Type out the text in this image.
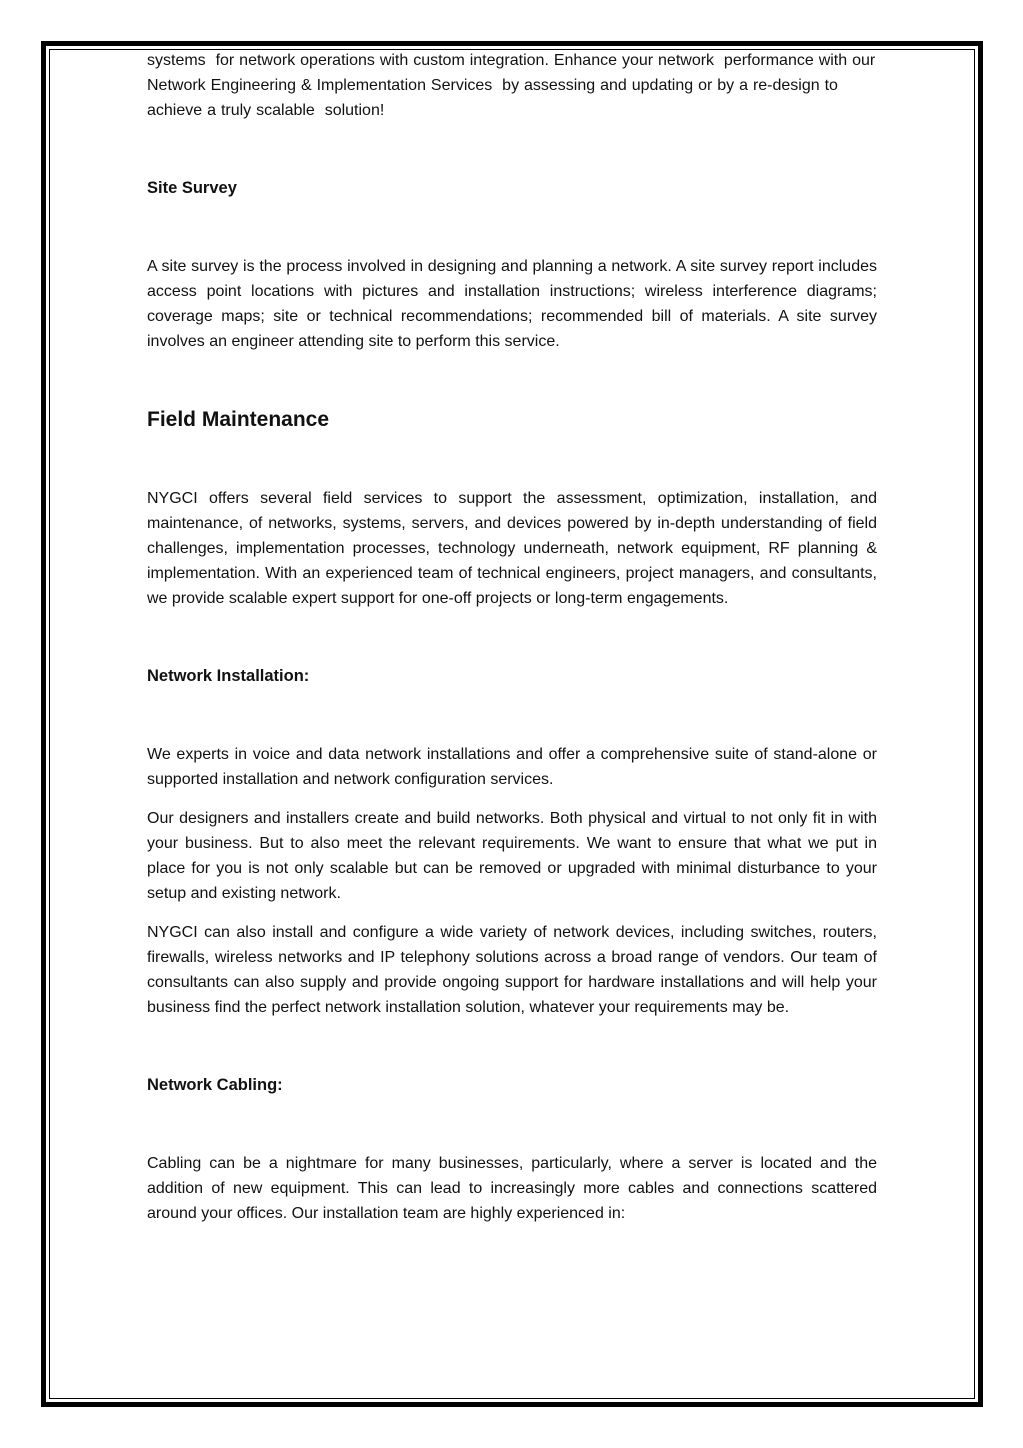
systems  for network operations with custom integration. Enhance your network  performance with our Network Engineering & Implementation Services  by assessing and updating or by a re-design to achieve a truly scalable  solution!

Site Survey

A site survey is the process involved in designing and planning a network. A site survey report includes access point locations with pictures and installation instructions; wireless interference diagrams; coverage maps; site or technical recommendations; recommended bill of materials. A site survey involves an engineer attending site to perform this service.

Field Maintenance

NYGCI offers several field services to support the assessment, optimization, installation, and maintenance, of networks, systems, servers, and devices powered by in-depth understanding of field challenges, implementation processes, technology underneath, network equipment, RF planning & implementation. With an experienced team of technical engineers, project managers, and consultants, we provide scalable expert support for one-off projects or long-term engagements.

Network Installation:

We experts in voice and data network installations and offer a comprehensive suite of stand-alone or supported installation and network configuration services.

Our designers and installers create and build networks. Both physical and virtual to not only fit in with your business. But to also meet the relevant requirements. We want to ensure that what we put in place for you is not only scalable but can be removed or upgraded with minimal disturbance to your setup and existing network.

NYGCI can also install and configure a wide variety of network devices, including switches, routers, firewalls, wireless networks and IP telephony solutions across a broad range of vendors. Our team of consultants can also supply and provide ongoing support for hardware installations and will help your business find the perfect network installation solution, whatever your requirements may be.

Network Cabling:

Cabling can be a nightmare for many businesses, particularly, where a server is located and the addition of new equipment. This can lead to increasingly more cables and connections scattered around your offices. Our installation team are highly experienced in:
